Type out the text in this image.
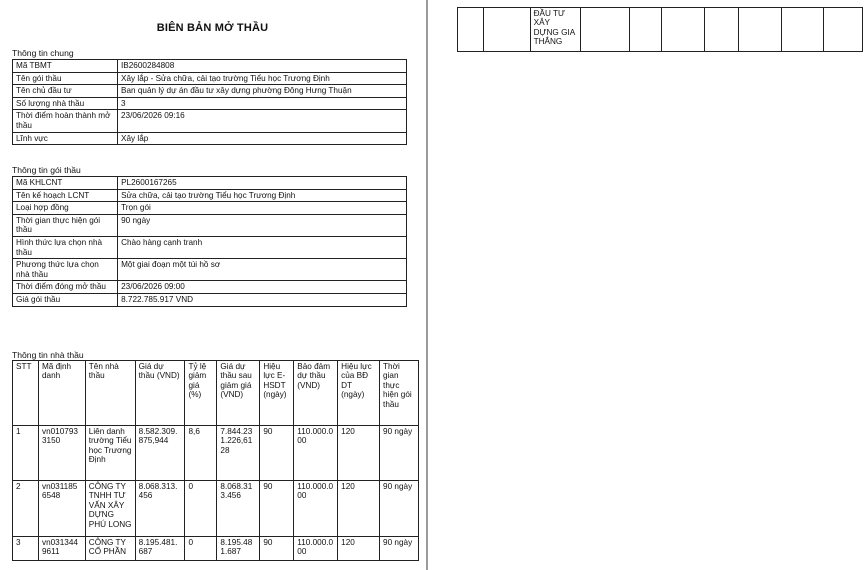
BIÊN BẢN MỞ THẦU
Thông tin chung
Mã TBMT	IB2600284808
Tên gói thầu	Xây lắp - Sửa chữa, cải tạo trường Tiểu học Trương Định
Tên chủ đầu tư	Ban quản lý dự án đầu tư xây dựng phường Đông Hưng Thuận
Số lượng nhà thầu	3
Thời điểm hoàn thành mở thầu	23/06/2026 09:16
Lĩnh vực	Xây lắp
Thông tin gói thầu
Mã KHLCNT	PL2600167265
Tên kế hoạch LCNT	Sửa chữa, cải tạo trường Tiểu học Trương Định
Loại hợp đồng	Trọn gói
Thời gian thực hiện gói thầu	90 ngày
Hình thức lựa chọn nhà thầu	Chào hàng cạnh tranh
Phương thức lựa chọn nhà thầu	Một giai đoạn một túi hồ sơ
Thời điểm đóng mở thầu	23/06/2026 09:00
Giá gói thầu	8.722.785.917 VND
Thông tin nhà thầu
STT	Mã định danh	Tên nhà thầu	Giá dự thầu (VND)	Tỷ lệ giảm giá (%)	Giá dự thầu sau giảm giá (VND)	Hiệu lực E-HSDT (ngày)	Bảo đảm dự thầu (VND)	Hiệu lực của BĐ DT (ngày)	Thời gian thực hiện gói thầu
1	vn0107933150	Liên danh trường Tiểu học Trương Định	8.582.309.875,944	8,6	7.844.231.226,6128	90	110.000.000	120	90 ngày
2	vn0311856548	CÔNG TY TNHH TƯ VẤN XÂY DỰNG PHÚ LONG	8.068.313.456	0	8.068.313.456	90	110.000.000	120	90 ngày
3	vn0313449611	CÔNG TY CỔ PHẦN	8.195.481.687	0	8.195.481.687	90	110.000.000	120	90 ngày
		ĐẦU TƯ XÂY DỰNG GIA THẮNG							
